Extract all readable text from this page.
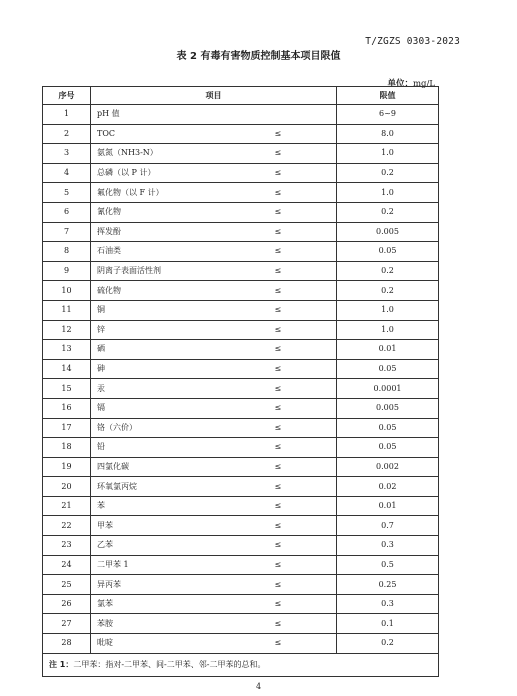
T/ZGZS 0303-2023
表 2 有毒有害物质控制基本项目限值
单位：mg/L
序号	项目		限值
1	pH 值		6~9
2	TOC	≤	8.0
3	氨氮（NH3-N）	≤	1.0
4	总磷（以 P 计）	≤	0.2
5	氟化物（以 F 计）	≤	1.0
6	氰化物	≤	0.2
7	挥发酚	≤	0.005
8	石油类	≤	0.05
9	阴离子表面活性剂	≤	0.2
10	硫化物	≤	0.2
11	铜	≤	1.0
12	锌	≤	1.0
13	硒	≤	0.01
14	砷	≤	0.05
15	汞	≤	0.0001
16	镉	≤	0.005
17	铬（六价）	≤	0.05
18	铅	≤	0.05
19	四氯化碳	≤	0.002
20	环氧氯丙烷	≤	0.02
21	苯	≤	0.01
22	甲苯	≤	0.7
23	乙苯	≤	0.3
24	二甲苯 1	≤	0.5
25	异丙苯	≤	0.25
26	氯苯	≤	0.3
27	苯胺	≤	0.1
28	吡啶	≤	0.2
注 1：二甲苯：指对-二甲苯、间-二甲苯、邻-二甲苯的总和。			
4
